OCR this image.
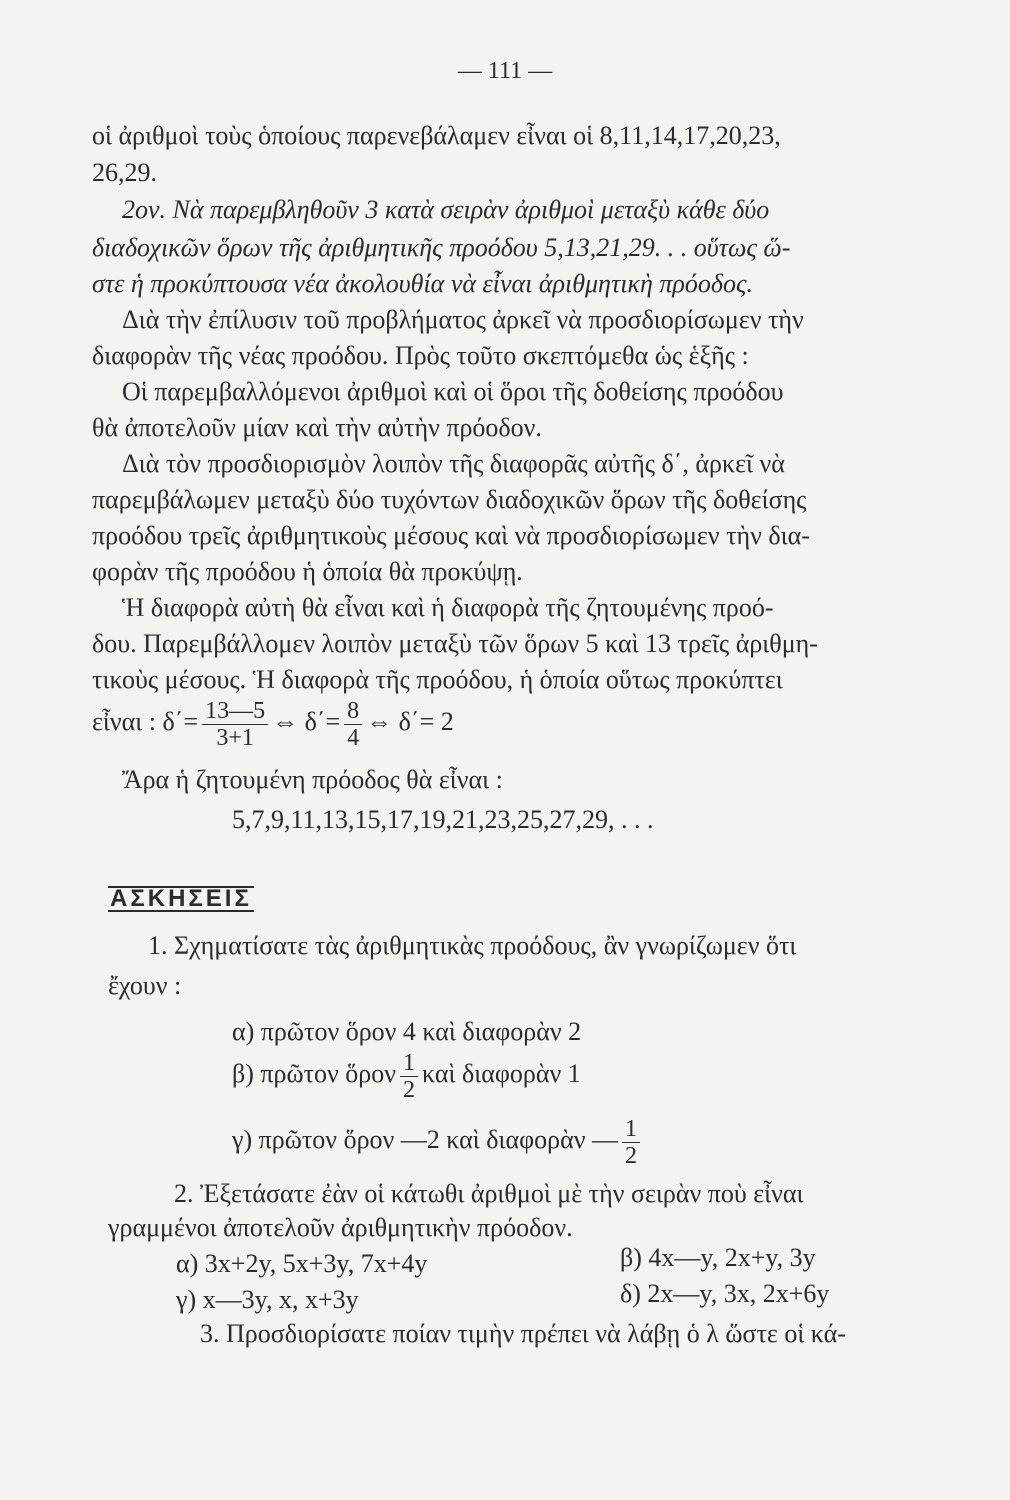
— 111 —
οἱ ἀριθμοὶ τοὺς ὁποίους παρενεβάλαμεν εἶναι οἱ 8,11,14,17,20,23,
26,29.
2ον. Νὰ παρεμβληθοῦν 3 κατὰ σειρὰν ἀριθμοὶ μεταξὺ κάθε δύο
διαδοχικῶν ὅρων τῆς ἀριθμητικῆς προόδου 5,13,21,29. . . οὕτως ὥ-
στε ἡ προκύπτουσα νέα ἀκολουθία νὰ εἶναι ἀριθμητικὴ πρόοδος.
Διὰ τὴν ἐπίλυσιν τοῦ προβλήματος ἀρκεῖ νὰ προσδιορίσωμεν τὴν
διαφορὰν τῆς νέας προόδου. Πρὸς τοῦτο σκεπτόμεθα ὡς ἑξῆς :
Οἱ παρεμβαλλόμενοι ἀριθμοὶ καὶ οἱ ὅροι τῆς δοθείσης προόδου
θὰ ἀποτελοῦν μίαν καὶ τὴν αὐτὴν πρόοδον.
Διὰ τὸν προσδιορισμὸν λοιπὸν τῆς διαφορᾶς αὐτῆς δ΄, ἀρκεῖ νὰ
παρεμβάλωμεν μεταξὺ δύο τυχόντων διαδοχικῶν ὅρων τῆς δοθείσης
προόδου τρεῖς ἀριθμητικοὺς μέσους καὶ νὰ προσδιορίσωμεν τὴν δια-
φορὰν τῆς προόδου ἡ ὁποία θὰ προκύψῃ.
Ἡ διαφορὰ αὐτὴ θὰ εἶναι καὶ ἡ διαφορὰ τῆς ζητουμένης προό-
δου. Παρεμβάλλομεν λοιπὸν μεταξὺ τῶν ὅρων 5 καὶ 13 τρεῖς ἀριθμη-
τικοὺς μέσους. Ἡ διαφορὰ τῆς προόδου, ἡ ὁποία οὕτως προκύπτει
εἶναι : $\delta΄= \frac{13—5}{3+1}$ ⇔ $\delta΄= \frac{8}{4}$ ⇔ δ΄= 2
Ἄρα ἡ ζητουμένη πρόοδος θὰ εἶναι :
5,7,9,11,13,15,17,19,21,23,25,27,29, . . .
ΑΣΚΗΣΕΙΣ
1. Σχηματίσατε τὰς ἀριθμητικὰς προόδους, ἂν γνωρίζωμεν ὅτι
ἔχουν :
α) πρῶτον ὅρον 4 καὶ διαφορὰν 2
β) πρῶτον ὅρον $\frac{1}{2}$ καὶ διαφορὰν 1
γ) πρῶτον ὅρον —2 καὶ διαφορὰν — $\frac{1}{2}$
2. Ἐξετάσατε ἐὰν οἱ κάτωθι ἀριθμοὶ μὲ τὴν σειρὰν ποὺ εἶναι
γραμμένοι ἀποτελοῦν ἀριθμητικὴν πρόοδον.
α) 3x+2y, 5x+3y, 7x+4y	β) 4x—y, 2x+y, 3y
γ) x—3y, x, x+3y	δ) 2x—y, 3x, 2x+6y
3. Προσδιορίσατε ποίαν τιμὴν πρέπει νὰ λάβῃ ὁ λ ὥστε οἱ κά-
